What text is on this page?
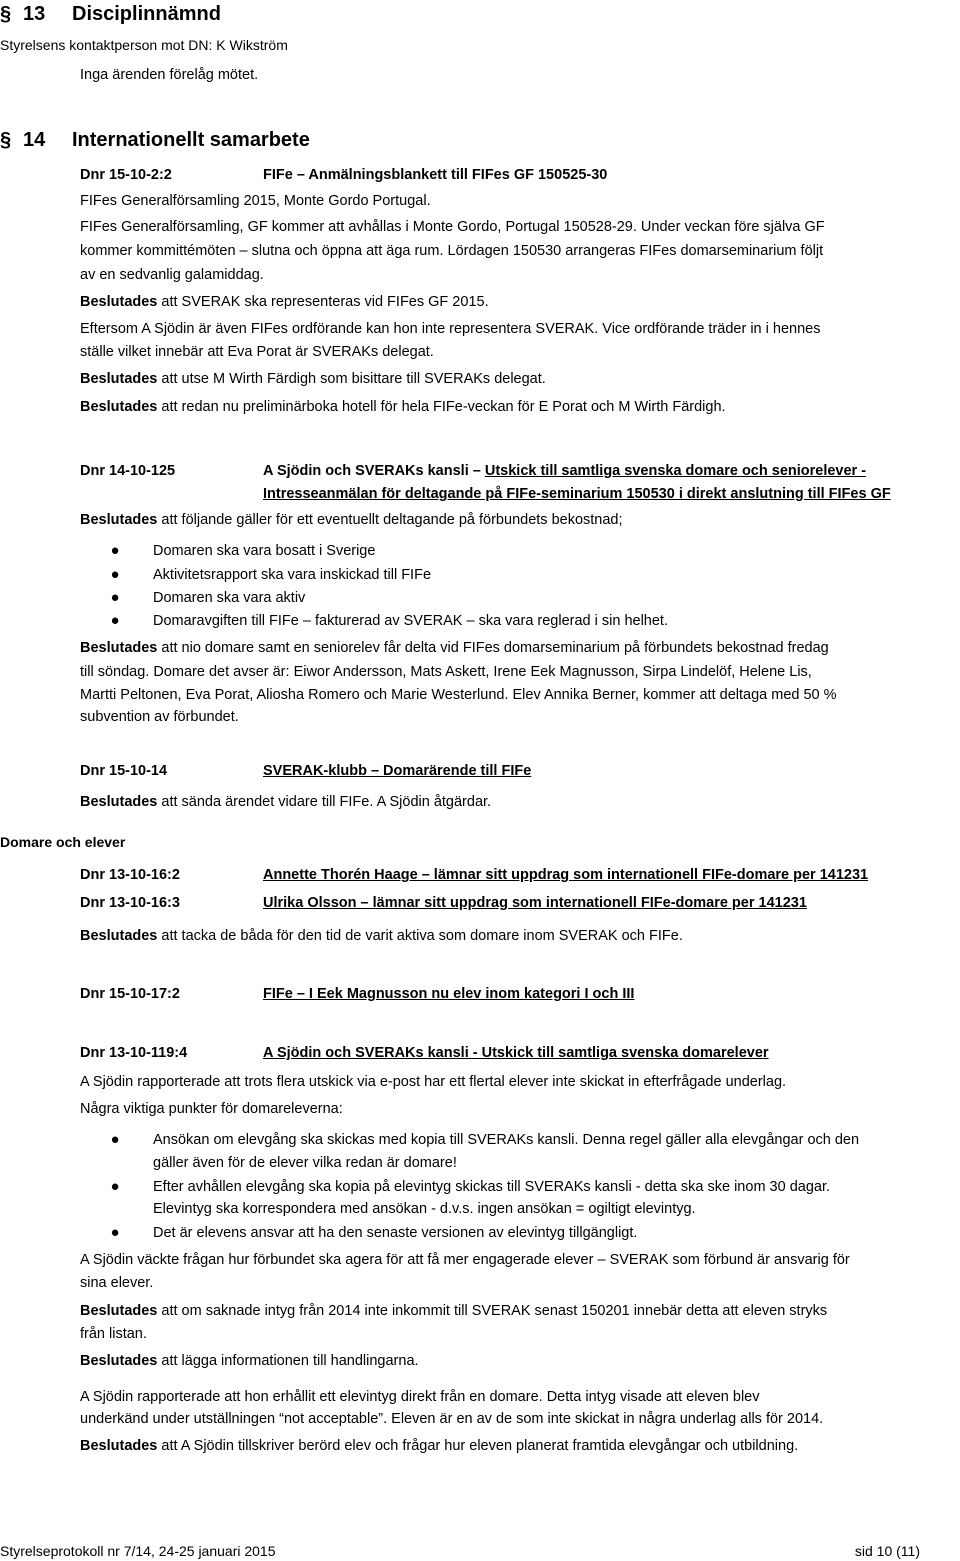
§ 13 Disciplinnämnd
Styrelsens kontaktperson mot DN: K Wikström
Inga ärenden förelåg mötet.
§ 14 Internationellt samarbete
Dnr 15-10-2:2	FIFe – Anmälningsblankett till FIFes GF 150525-30
FIFes Generalförsamling 2015, Monte Gordo Portugal.
FIFes Generalförsamling, GF kommer att avhållas i Monte Gordo, Portugal 150528-29. Under veckan före själva GF
kommer kommittémöten – slutna och öppna att äga rum. Lördagen 150530 arrangeras FIFes domarseminarium följt
av en sedvanlig galamiddag.
Beslutades att SVERAK ska representeras vid FIFes GF 2015.
Eftersom A Sjödin är även FIFes ordförande kan hon inte representera SVERAK. Vice ordförande träder in i hennes
ställe vilket innebär att Eva Porat är SVERAKs delegat.
Beslutades att utse M Wirth Färdigh som bisittare till SVERAKs delegat.
Beslutades att redan nu preliminärboka hotell för hela FIFe-veckan för E Porat och M Wirth Färdigh.
Dnr 14-10-125	A Sjödin och SVERAKs kansli – Utskick till samtliga svenska domare och seniorelever -
Intresseanmälan för deltagande på FIFe-seminarium 150530 i direkt anslutning till FIFes GF
Beslutades att följande gäller för ett eventuellt deltagande på förbundets bekostnad;
● Domaren ska vara bosatt i Sverige
● Aktivitetsrapport ska vara inskickad till FIFe
● Domaren ska vara aktiv
● Domaravgiften till FIFe – fakturerad av SVERAK – ska vara reglerad i sin helhet.
Beslutades att nio domare samt en seniorelev får delta vid FIFes domarseminarium på förbundets bekostnad fredag
till söndag. Domare det avser är: Eiwor Andersson, Mats Askett, Irene Eek Magnusson, Sirpa Lindelöf, Helene Lis,
Martti Peltonen, Eva Porat, Aliosha Romero och Marie Westerlund. Elev Annika Berner, kommer att deltaga med 50 %
subvention av förbundet.
Dnr 15-10-14	SVERAK-klubb – Domarärende till FIFe
Beslutades att sända ärendet vidare till FIFe. A Sjödin åtgärdar.
Domare och elever
Dnr 13-10-16:2	Annette Thorén Haage – lämnar sitt uppdrag som internationell FIFe-domare per 141231
Dnr 13-10-16:3	Ulrika Olsson – lämnar sitt uppdrag som internationell FIFe-domare per 141231
Beslutades att tacka de båda för den tid de varit aktiva som domare inom SVERAK och FIFe.
Dnr 15-10-17:2	FIFe – I Eek Magnusson nu elev inom kategori I och III
Dnr 13-10-119:4	A Sjödin och SVERAKs kansli - Utskick till samtliga svenska domarelever
A Sjödin rapporterade att trots flera utskick via e-post har ett flertal elever inte skickat in efterfrågade underlag.
Några viktiga punkter för domareleverna:
● Ansökan om elevgång ska skickas med kopia till SVERAKs kansli. Denna regel gäller alla elevgångar och den
gäller även för de elever vilka redan är domare!
● Efter avhållen elevgång ska kopia på elevintyg skickas till SVERAKs kansli - detta ska ske inom 30 dagar.
Elevintyg ska korrespondera med ansökan - d.v.s. ingen ansökan = ogiltigt elevintyg.
● Det är elevens ansvar att ha den senaste versionen av elevintyg tillgängligt.
A Sjödin väckte frågan hur förbundet ska agera för att få mer engagerade elever – SVERAK som förbund är ansvarig för
sina elever.
Beslutades att om saknade intyg från 2014 inte inkommit till SVERAK senast 150201 innebär detta att eleven stryks
från listan.
Beslutades att lägga informationen till handlingarna.
A Sjödin rapporterade att hon erhållit ett elevintyg direkt från en domare. Detta intyg visade att eleven blev
underkänd under utställningen “not acceptable”. Eleven är en av de som inte skickat in några underlag alls för 2014.
Beslutades att A Sjödin tillskriver berörd elev och frågar hur eleven planerat framtida elevgångar och utbildning.
Styrelseprotokoll nr 7/14, 24-25 januari 2015	sid 10 (11)
